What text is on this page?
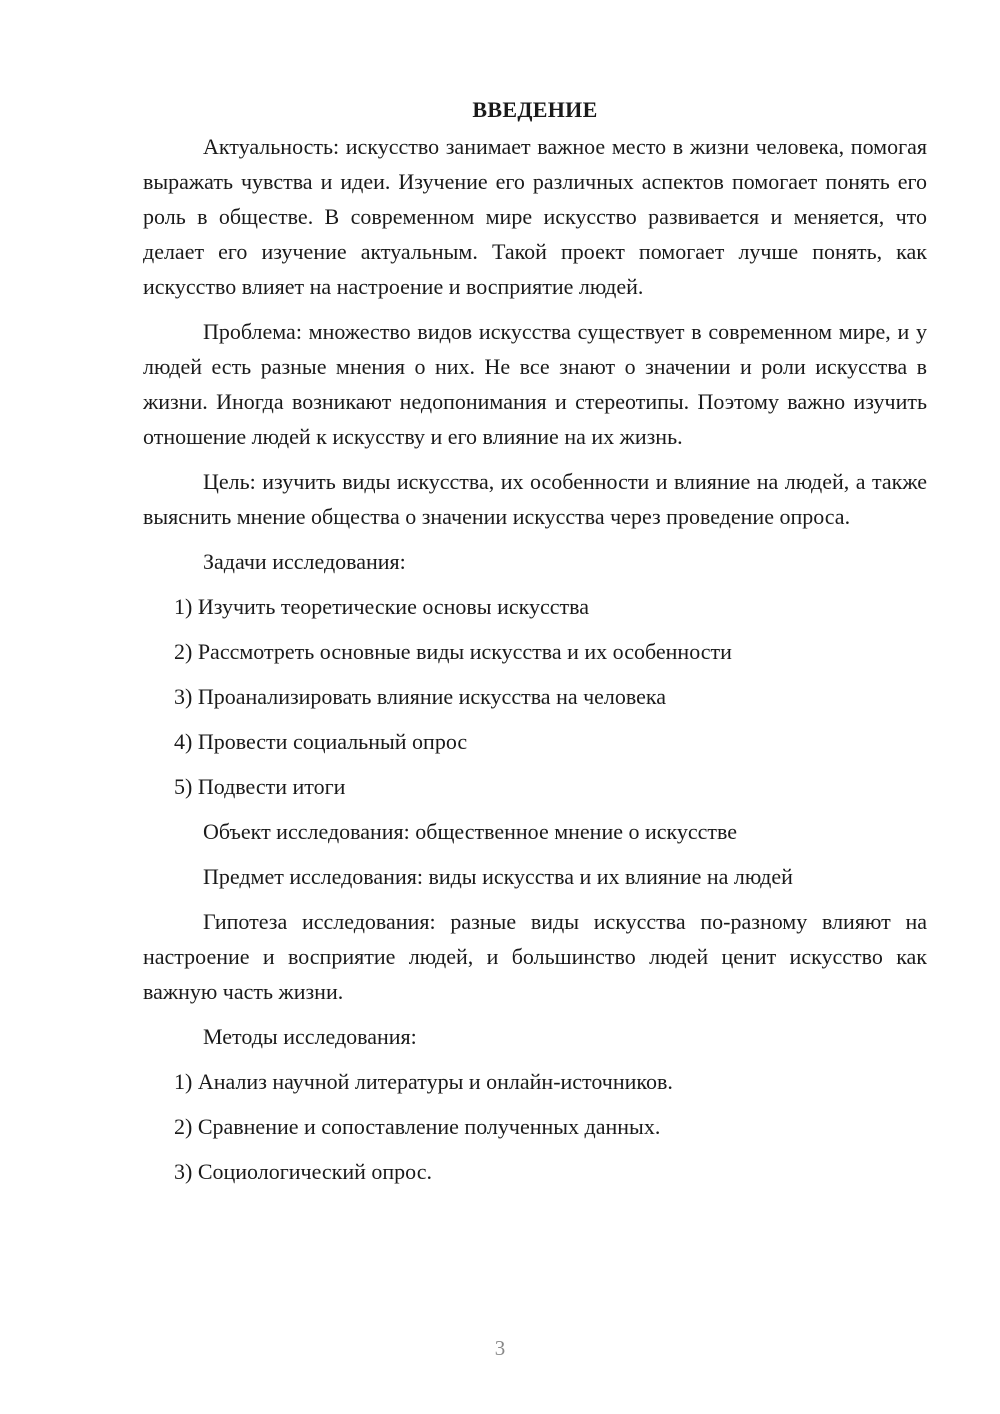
ВВЕДЕНИЕ

Актуальность: искусство занимает важное место в жизни человека, помогая выражать чувства и идеи. Изучение его различных аспектов помогает понять его роль в обществе. В современном мире искусство развивается и меняется, что делает его изучение актуальным. Такой проект помогает лучше понять, как искусство влияет на настроение и восприятие людей.

Проблема: множество видов искусства существует в современном мире, и у людей есть разные мнения о них. Не все знают о значении и роли искусства в жизни. Иногда возникают недопонимания и стереотипы. Поэтому важно изучить отношение людей к искусству и его влияние на их жизнь.

Цель: изучить виды искусства, их особенности и влияние на людей, а также выяснить мнение общества о значении искусства через проведение опроса.

Задачи исследования:

1) Изучить теоретические основы искусства

2) Рассмотреть основные виды искусства и их особенности

3) Проанализировать влияние искусства на человека

4) Провести социальный опрос

5) Подвести итоги

Объект исследования: общественное мнение о искусстве

Предмет исследования: виды искусства и их влияние на людей

Гипотеза исследования: разные виды искусства по-разному влияют на настроение и восприятие людей, и большинство людей ценит искусство как важную часть жизни.

Методы исследования:

1) Анализ научной литературы и онлайн-источников.

2) Сравнение и сопоставление полученных данных.

3) Социологический опрос.

3
